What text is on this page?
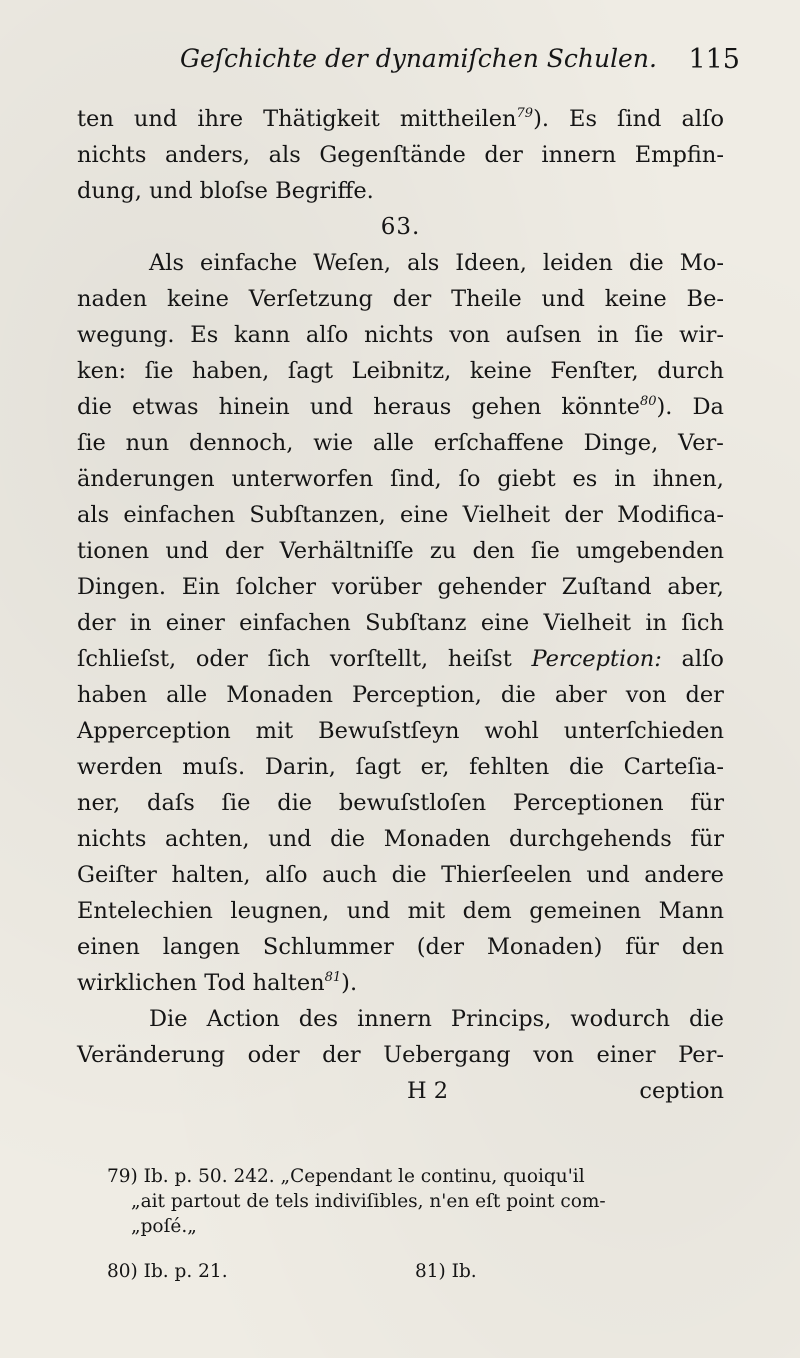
Geſchichte der dynamiſchen Schulen. 115
ten und ihre Thätigkeit mittheilen$^{79}$). Es ſind alſo
nichts anders, als Gegenſtände der innern Empfin-
dung,
und
bloſse
Begriffe.
63.
Als einfache Weſen, als Ideen, leiden die Mo-
naden keine Verſetzung der Theile und keine Be-
wegung. Es kann alſo nichts von auſsen in ſie wir-
ken: ſie haben, ſagt Leibnitz, keine Fenſter, durch
die etwas hinein und heraus gehen könnte$^{80}$). Da
ſie nun dennoch, wie alle erſchaffene Dinge, Ver-
änderungen unterworfen ſind, ſo giebt es in ihnen,
als einfachen Subſtanzen, eine Vielheit der Modifica-
tionen und der Verhältniſſe zu den ſie umgebenden
Dingen. Ein ſolcher vorüber gehender Zuſtand aber,
der in einer einfachen Subſtanz eine Vielheit in ſich
ſchlieſst, oder ſich vorſtellt, heiſst Perception: alſo
haben alle Monaden Perception, die aber von der
Apperception mit Bewuſstſeyn wohl unterſchieden
werden muſs. Darin, ſagt er, fehlten die Carteſia-
ner, daſs ſie die bewuſstloſen Perceptionen für
nichts achten, und die Monaden durchgehends für
Geiſter halten, alſo auch die Thierſeelen und andere
Entelechien leugnen, und mit dem gemeinen Mann
einen langen Schlummer (der Monaden) für den
wirklichen
Tod
halten$^{81}$).
Die Action des innern Princips, wodurch die
Veränderung oder der Uebergang von einer Per-
H 2	ception
79) Ib. p. 50. 242. „Cependant le continu, quoiqu'il
„ait partout de tels indiviſibles, n'en eſt point com-
„poſé.„
80) Ib. p. 21.	81) Ib.
